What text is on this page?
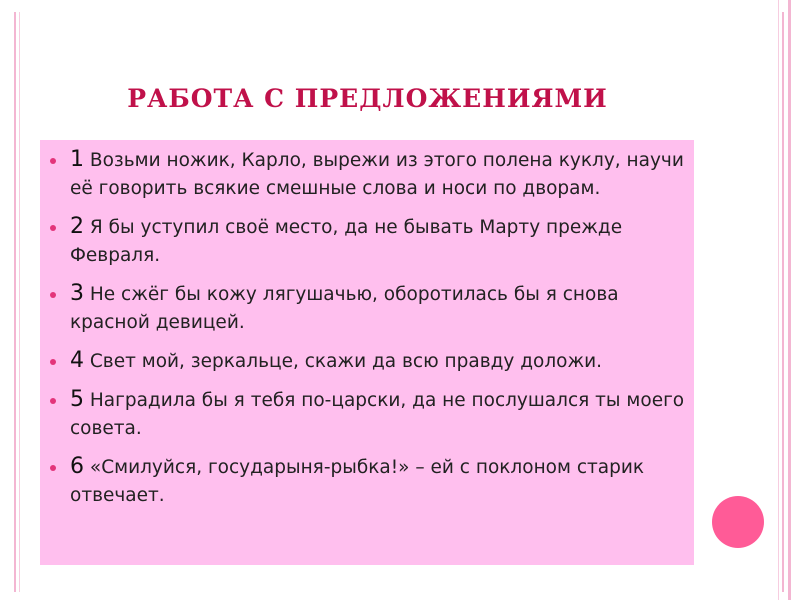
РАБОТА С ПРЕДЛОЖЕНИЯМИ
1 Возьми ножик, Карло, вырежи из этого полена куклу, научи её говорить всякие смешные слова и носи по дворам.
2 Я бы уступил своё место, да не бывать Марту прежде Февраля.
3 Не сжёг бы кожу лягушачью, оборотилась бы я снова красной девицей.
4 Свет мой, зеркальце, скажи да всю правду доложи.
5 Наградила бы я тебя по-царски, да не послушался ты моего совета.
6 «Смилуйся, государыня-рыбка!» – ей с поклоном старик отвечает.
